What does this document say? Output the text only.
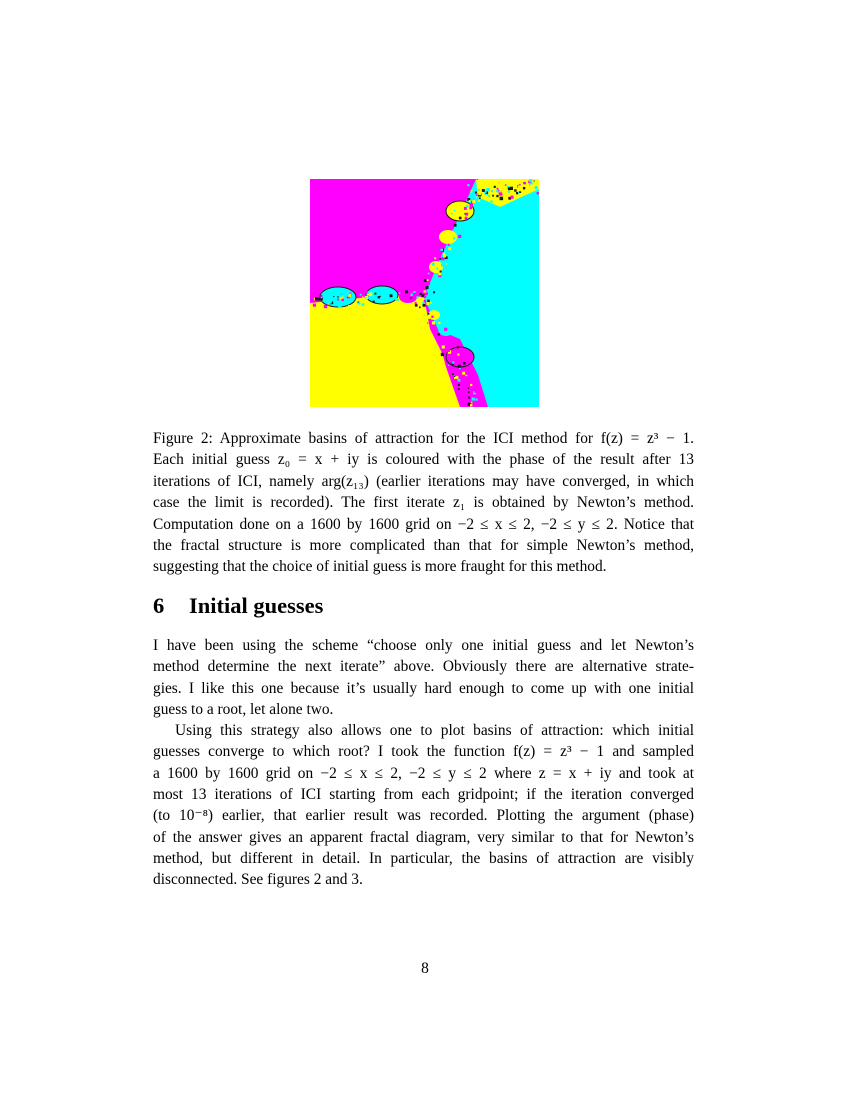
Figure 2: Approximate basins of attraction for the ICI method for f(z) = z³ − 1.
Each initial guess z₀ = x + iy is coloured with the phase of the result after 13
iterations of ICI, namely arg(z₁₃) (earlier iterations may have converged, in which
case the limit is recorded). The first iterate z₁ is obtained by Newton’s method.
Computation done on a 1600 by 1600 grid on −2 ≤ x ≤ 2, −2 ≤ y ≤ 2. Notice that
the fractal structure is more complicated than that for simple Newton’s method,
suggesting that the choice of initial guess is more fraught for this method.
6 Initial guesses

I have been using the scheme “choose only one initial guess and let Newton’s
method determine the next iterate” above. Obviously there are alternative strate-
gies. I like this one because it’s usually hard enough to come up with one initial
guess to a root, let alone two.

Using this strategy also allows one to plot basins of attraction: which initial
guesses converge to which root? I took the function f(z) = z³ − 1 and sampled
a 1600 by 1600 grid on −2 ≤ x ≤ 2, −2 ≤ y ≤ 2 where z = x + iy and took at
most 13 iterations of ICI starting from each gridpoint; if the iteration converged
(to 10⁻⁸) earlier, that earlier result was recorded. Plotting the argument (phase)
of the answer gives an apparent fractal diagram, very similar to that for Newton’s
method, but different in detail. In particular, the basins of attraction are visibly
disconnected. See figures 2 and 3.

8
